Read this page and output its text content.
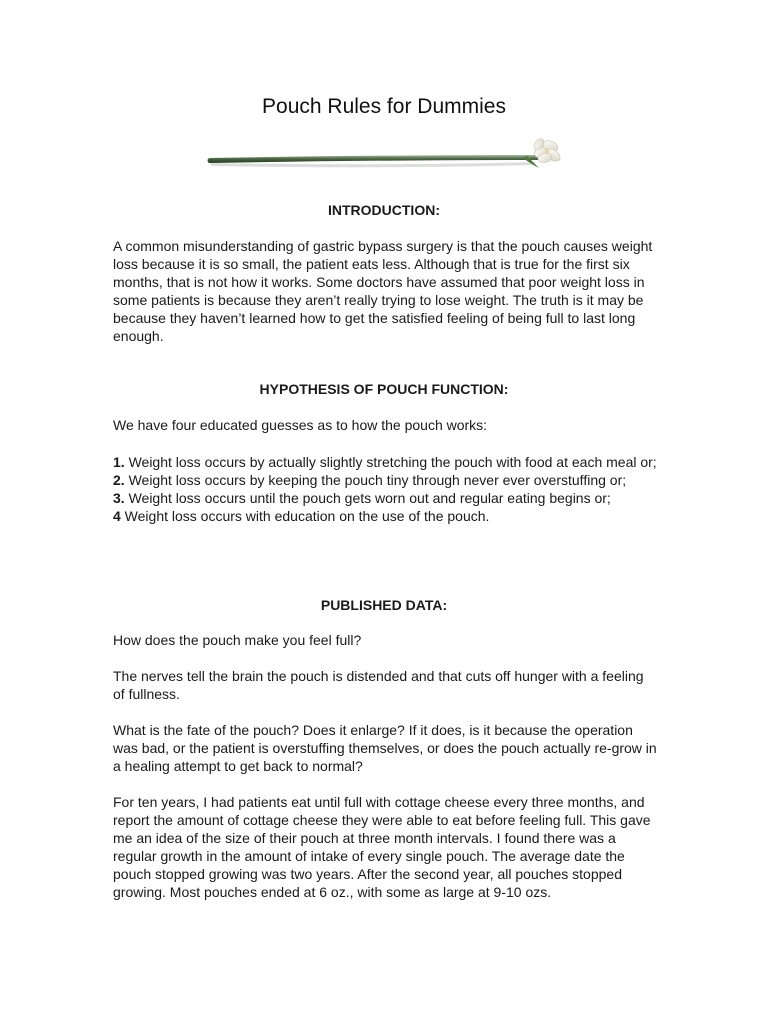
Pouch Rules for Dummies
INTRODUCTION:

A common misunderstanding of gastric bypass surgery is that the pouch causes weight loss because it is so small, the patient eats less. Although that is true for the first six months, that is not how it works. Some doctors have assumed that poor weight loss in some patients is because they aren’t really trying to lose weight. The truth is it may be because they haven’t learned how to get the satisfied feeling of being full to last long enough.

HYPOTHESIS OF POUCH FUNCTION:

We have four educated guesses as to how the pouch works:

1. Weight loss occurs by actually slightly stretching the pouch with food at each meal or;
2. Weight loss occurs by keeping the pouch tiny through never ever overstuffing or;
3. Weight loss occurs until the pouch gets worn out and regular eating begins or;
4 Weight loss occurs with education on the use of the pouch.
PUBLISHED DATA:

How does the pouch make you feel full?

The nerves tell the brain the pouch is distended and that cuts off hunger with a feeling of fullness.

What is the fate of the pouch? Does it enlarge? If it does, is it because the operation was bad, or the patient is overstuffing themselves, or does the pouch actually re-grow in a healing attempt to get back to normal?

For ten years, I had patients eat until full with cottage cheese every three months, and report the amount of cottage cheese they were able to eat before feeling full. This gave me an idea of the size of their pouch at three month intervals. I found there was a regular growth in the amount of intake of every single pouch. The average date the pouch stopped growing was two years. After the second year, all pouches stopped growing. Most pouches ended at 6 oz., with some as large at 9-10 ozs.
